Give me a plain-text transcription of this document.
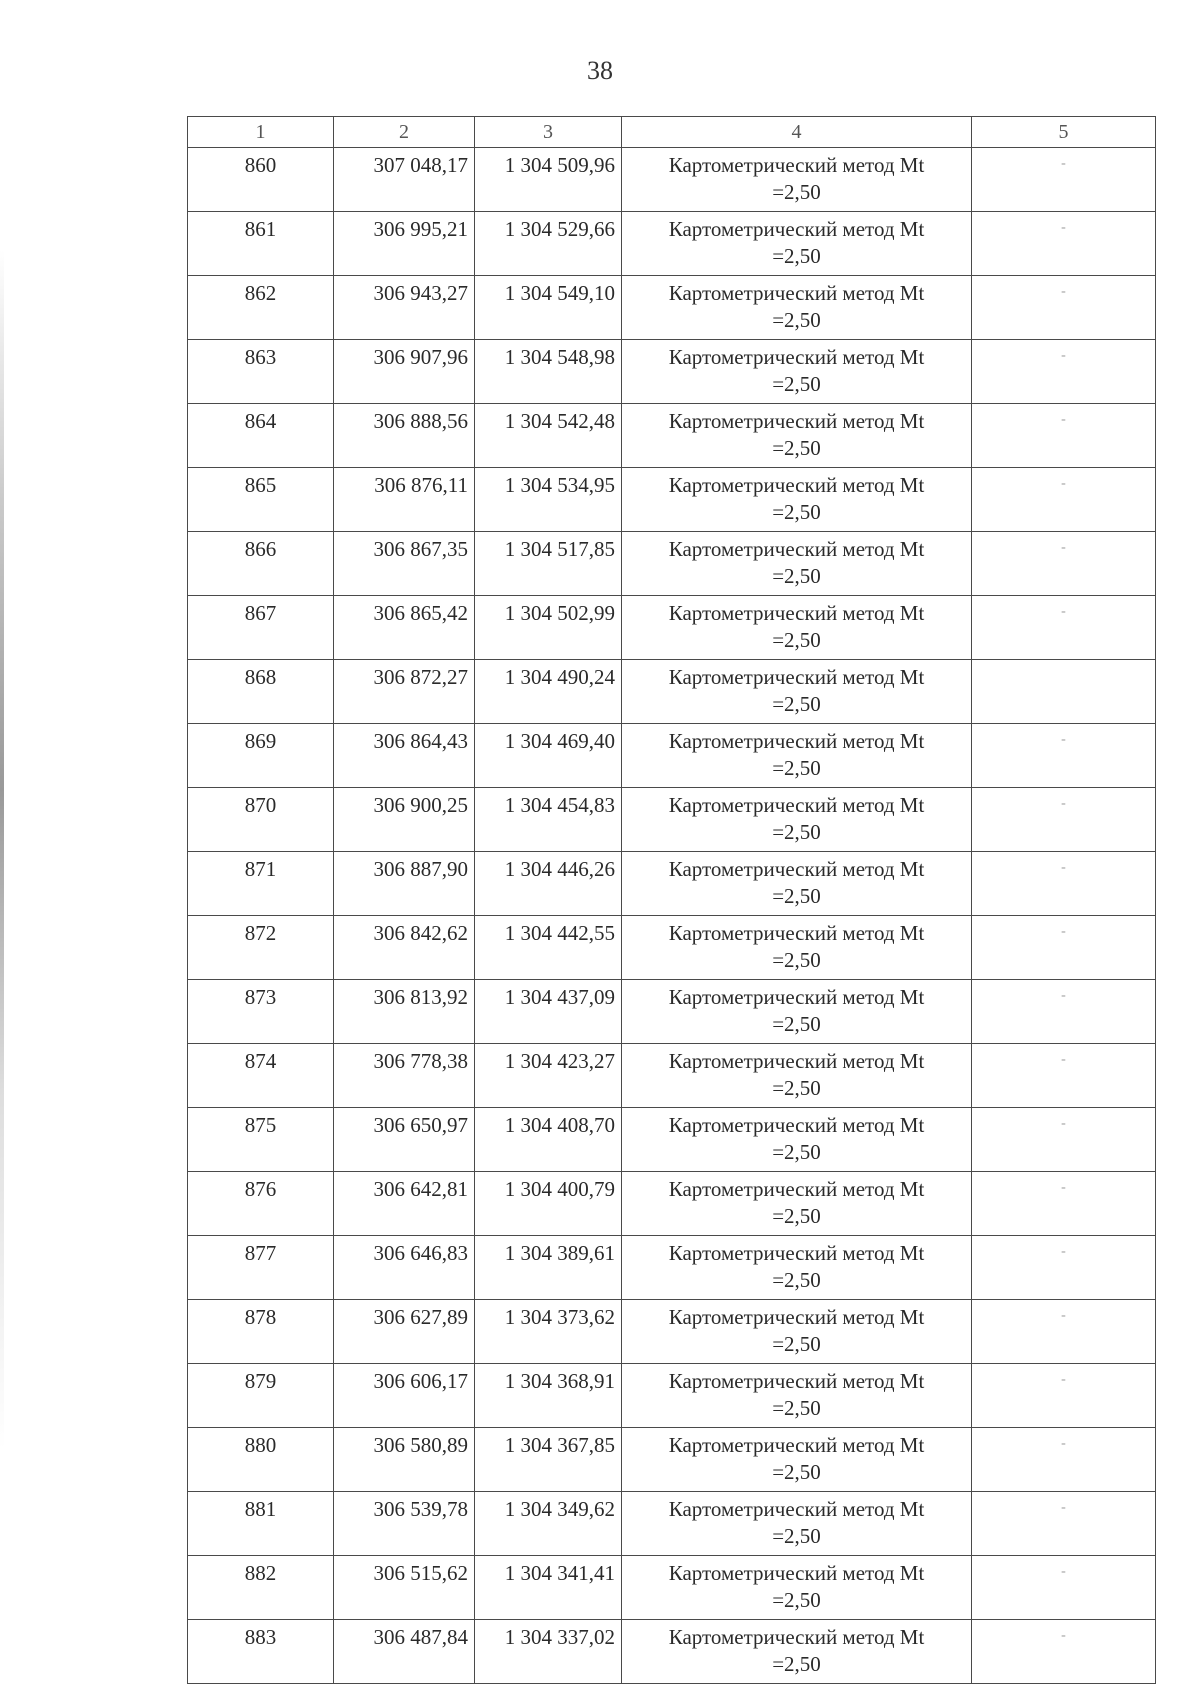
38
1	2	3	4	5
860	307 048,17	1 304 509,96	Картометрический метод Mt
=2,50	-
861	306 995,21	1 304 529,66	Картометрический метод Mt
=2,50	-
862	306 943,27	1 304 549,10	Картометрический метод Mt
=2,50	-
863	306 907,96	1 304 548,98	Картометрический метод Mt
=2,50	-
864	306 888,56	1 304 542,48	Картометрический метод Mt
=2,50	-
865	306 876,11	1 304 534,95	Картометрический метод Mt
=2,50	-
866	306 867,35	1 304 517,85	Картометрический метод Mt
=2,50	-
867	306 865,42	1 304 502,99	Картометрический метод Mt
=2,50	-
868	306 872,27	1 304 490,24	Картометрический метод Mt
=2,50	

869	306 864,43	1 304 469,40	Картометрический метод Mt
=2,50	-
870	306 900,25	1 304 454,83	Картометрический метод Mt
=2,50	-
871	306 887,90	1 304 446,26	Картометрический метод Mt
=2,50	-
872	306 842,62	1 304 442,55	Картометрический метод Mt
=2,50	-
873	306 813,92	1 304 437,09	Картометрический метод Mt
=2,50	-
874	306 778,38	1 304 423,27	Картометрический метод Mt
=2,50	-
875	306 650,97	1 304 408,70	Картометрический метод Mt
=2,50	-
876	306 642,81	1 304 400,79	Картометрический метод Mt
=2,50	-
877	306 646,83	1 304 389,61	Картометрический метод Mt
=2,50	-
878	306 627,89	1 304 373,62	Картометрический метод Mt
=2,50	-
879	306 606,17	1 304 368,91	Картометрический метод Mt
=2,50	-
880	306 580,89	1 304 367,85	Картометрический метод Mt
=2,50	-
881	306 539,78	1 304 349,62	Картометрический метод Mt
=2,50	-
882	306 515,62	1 304 341,41	Картометрический метод Mt
=2,50	-
883	306 487,84	1 304 337,02	Картометрический метод Mt
=2,50	-
